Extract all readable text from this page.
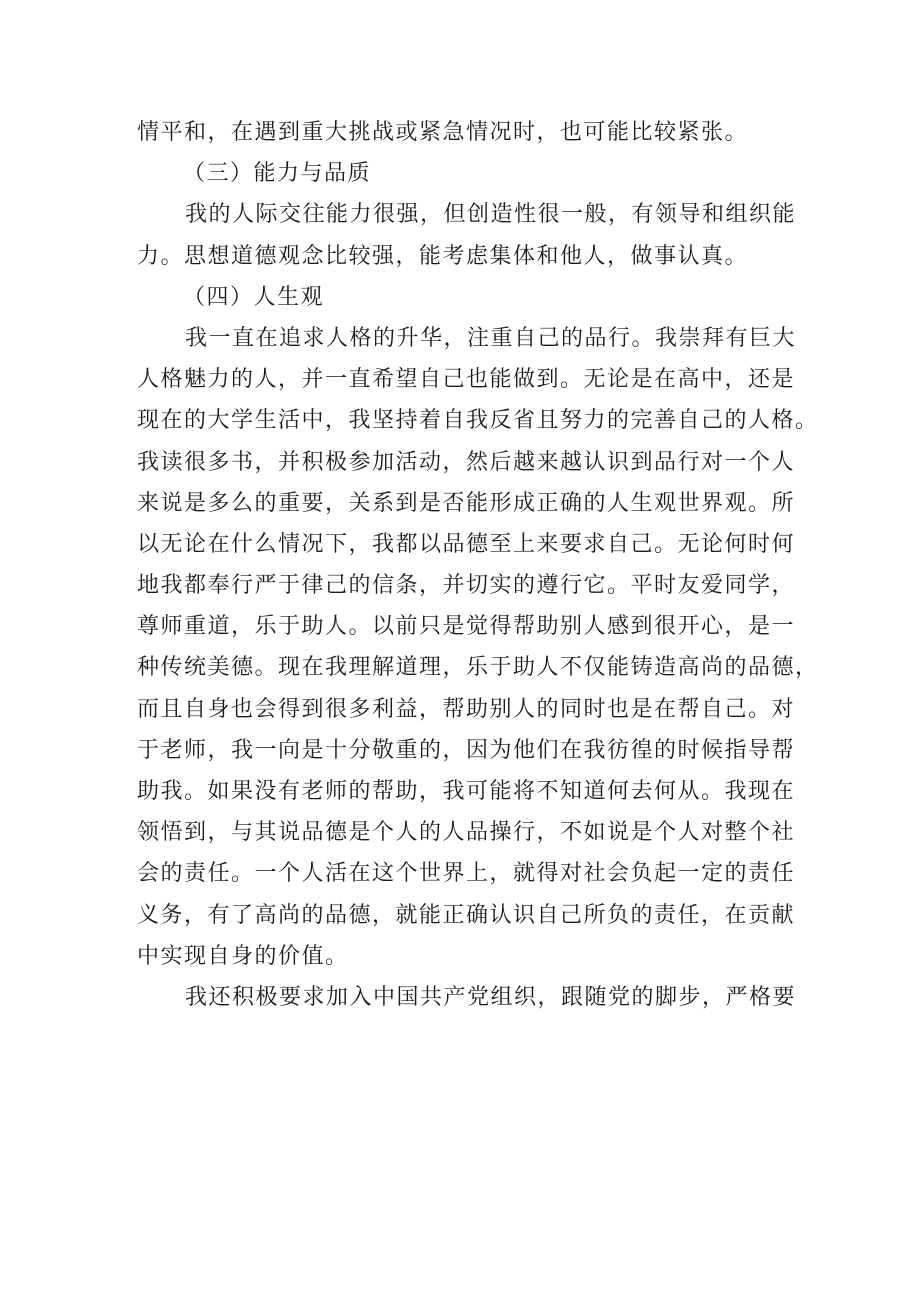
情平和，在遇到重大挑战或紧急情况时，也可能比较紧张。
（三）能力与品质
我的人际交往能力很强，但创造性很一般，有领导和组织能
力。思想道德观念比较强，能考虑集体和他人，做事认真。
（四）人生观
我一直在追求人格的升华，注重自己的品行。我崇拜有巨大
人格魅力的人，并一直希望自己也能做到。无论是在高中，还是
现在的大学生活中，我坚持着自我反省且努力的完善自己的人格。
我读很多书，并积极参加活动，然后越来越认识到品行对一个人
来说是多么的重要，关系到是否能形成正确的人生观世界观。所
以无论在什么情况下，我都以品德至上来要求自己。无论何时何
地我都奉行严于律己的信条，并切实的遵行它。平时友爱同学，
尊师重道，乐于助人。以前只是觉得帮助别人感到很开心，是一
种传统美德。现在我理解道理，乐于助人不仅能铸造高尚的品德，
而且自身也会得到很多利益，帮助别人的同时也是在帮自己。对
于老师，我一向是十分敬重的，因为他们在我彷徨的时候指导帮
助我。如果没有老师的帮助，我可能将不知道何去何从。我现在
领悟到，与其说品德是个人的人品操行，不如说是个人对整个社
会的责任。一个人活在这个世界上，就得对社会负起一定的责任
义务，有了高尚的品德，就能正确认识自己所负的责任，在贡献
中实现自身的价值。
我还积极要求加入中国共产党组织，跟随党的脚步，严格要
